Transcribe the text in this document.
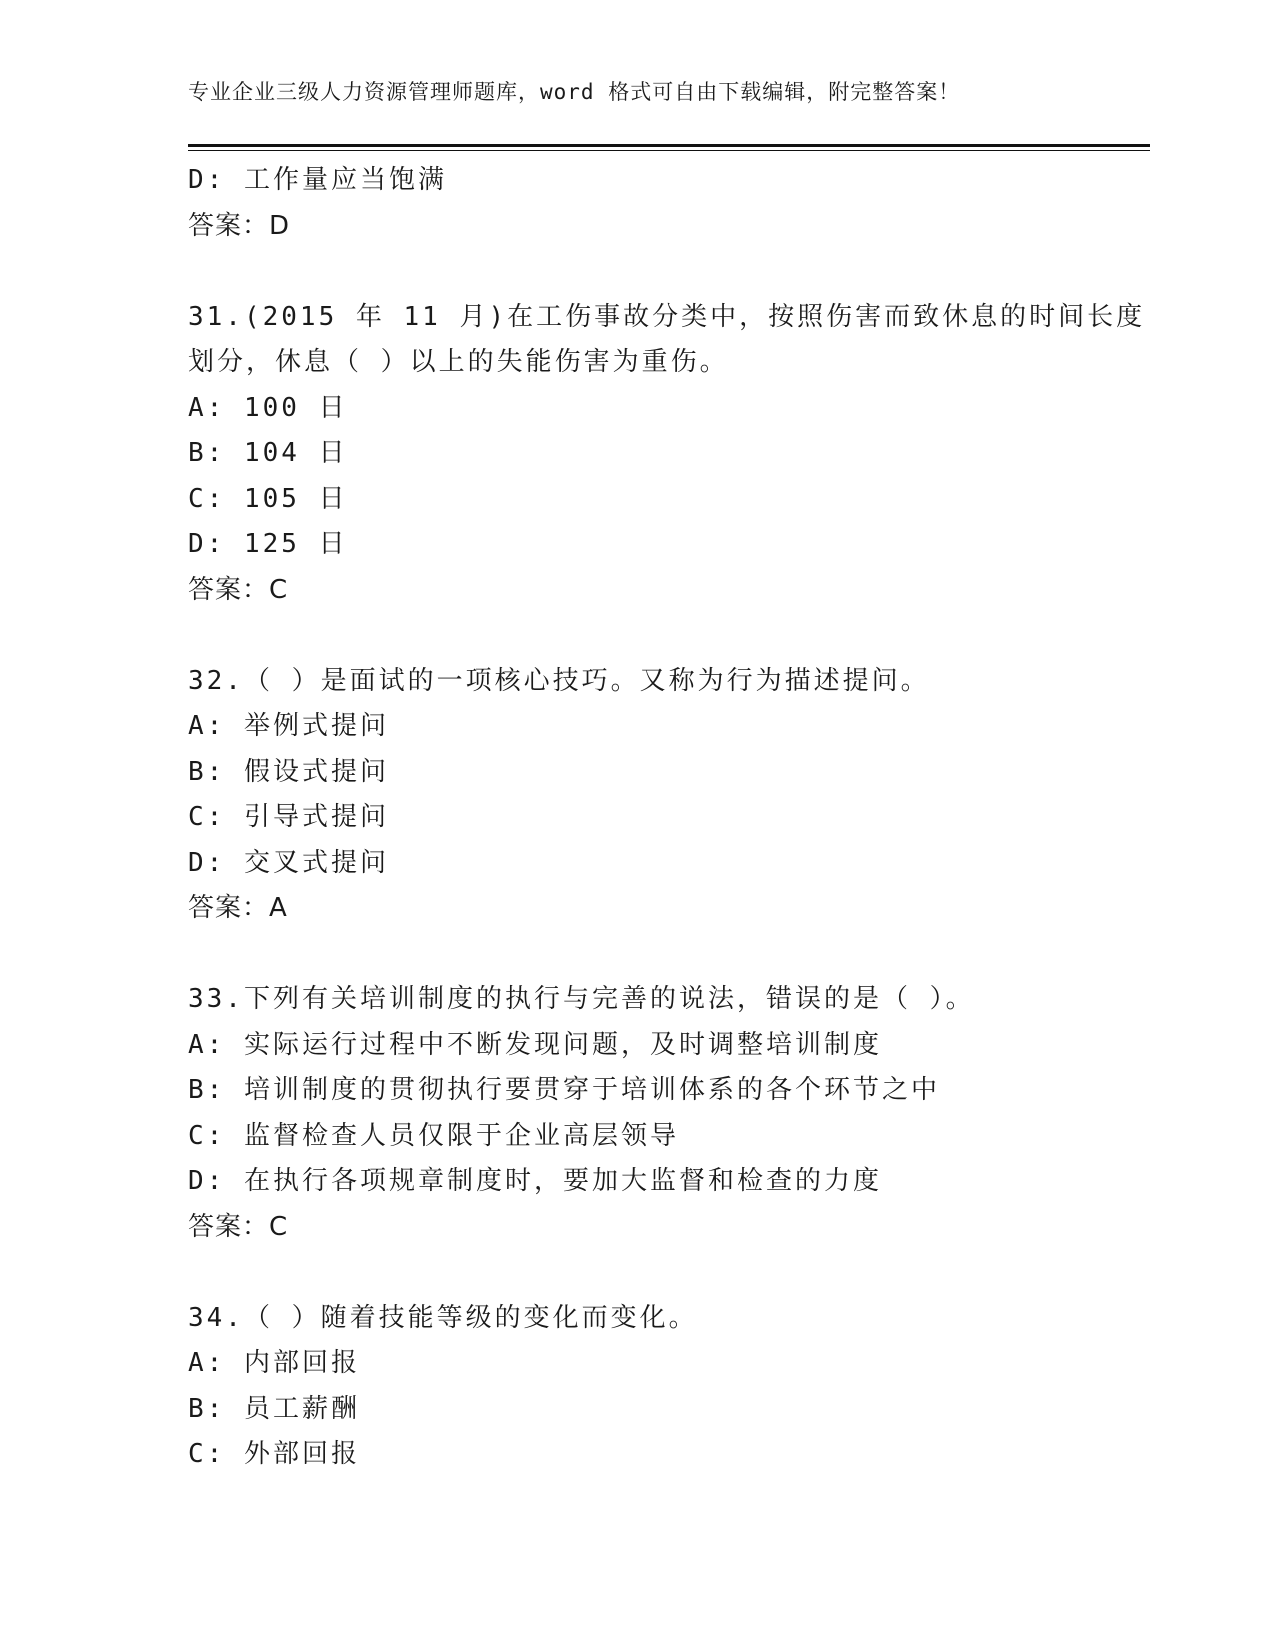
专业企业三级人力资源管理师题库，word 格式可自由下载编辑，附完整答案！
D: 工作量应当饱满
答案：D
31.(2015 年 11 月)在工伤事故分类中，按照伤害而致休息的时间长度
划分，休息（ ）以上的失能伤害为重伤。
A: 100 日
B: 104 日
C: 105 日
D: 125 日
答案：C
32.（ ）是面试的一项核心技巧。又称为行为描述提问。
A: 举例式提问
B: 假设式提问
C: 引导式提问
D: 交叉式提问
答案：A
33.下列有关培训制度的执行与完善的说法，错误的是（ ）。
A: 实际运行过程中不断发现问题，及时调整培训制度
B: 培训制度的贯彻执行要贯穿于培训体系的各个环节之中
C: 监督检查人员仅限于企业高层领导
D: 在执行各项规章制度时，要加大监督和检查的力度
答案：C
34.（ ）随着技能等级的变化而变化。
A: 内部回报
B: 员工薪酬
C: 外部回报
